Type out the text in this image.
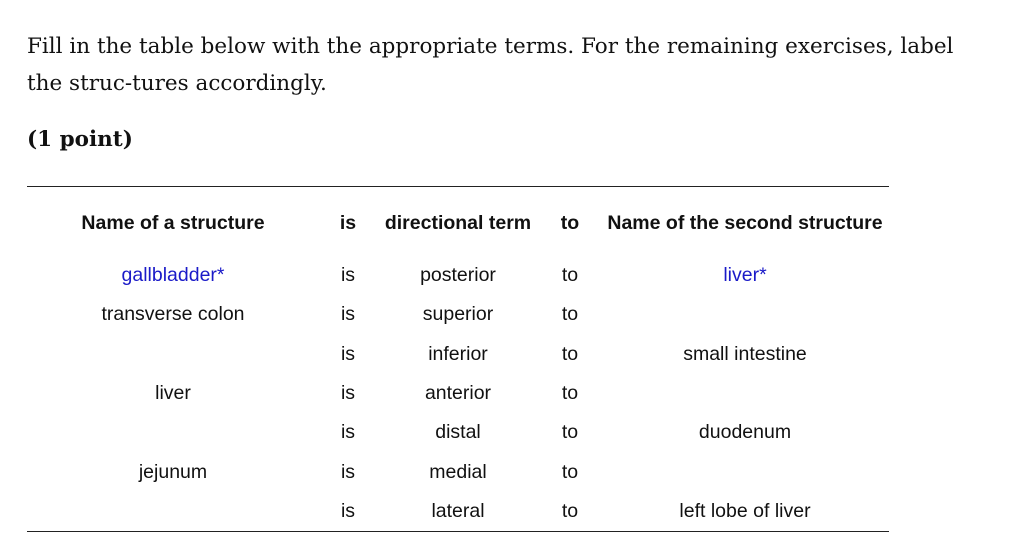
Fill in the table below with the appropriate terms. For the remaining exercises, label the struc-tures accordingly.

(1 point)

Name of a structure	is	directional term	to	Name of the second structure
gallbladder*	is	posterior	to	liver*
transverse colon	is	superior	to	
	is	inferior	to	small intestine
liver	is	anterior	to	
	is	distal	to	duodenum
jejunum	is	medial	to	
	is	lateral	to	left lobe of liver
